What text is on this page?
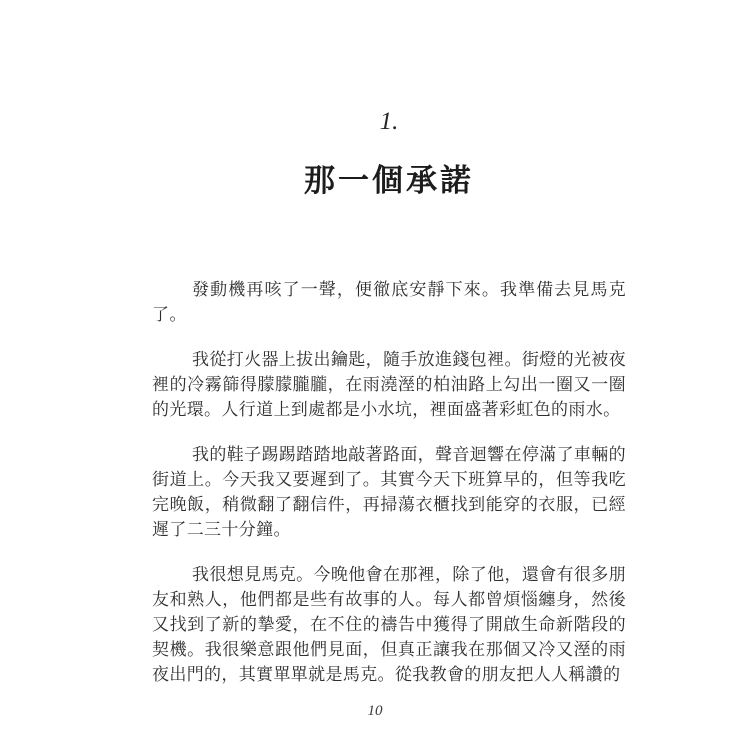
1.
那一個承諾

發動機再咳了一聲，便徹底安靜下來。我準備去見馬克了。

我從打火器上拔出鑰匙，隨手放進錢包裡。街燈的光被夜裡的冷霧篩得朦朦朧朧，在雨澆溼的柏油路上勾出一圈又一圈的光環。人行道上到處都是小水坑，裡面盛著彩虹色的雨水。

我的鞋子踢踢踏踏地敲著路面，聲音迴響在停滿了車輛的街道上。今天我又要遲到了。其實今天下班算早的，但等我吃完晚飯，稍微翻了翻信件，再掃蕩衣櫃找到能穿的衣服，已經遲了二三十分鐘。

我很想見馬克。今晚他會在那裡，除了他，還會有很多朋友和熟人，他們都是些有故事的人。每人都曾煩惱纏身，然後又找到了新的摯愛，在不住的禱告中獲得了開啟生命新階段的契機。我很樂意跟他們見面，但真正讓我在那個又冷又溼的雨夜出門的，其實單單就是馬克。從我教會的朋友把人人稱讚的

10
